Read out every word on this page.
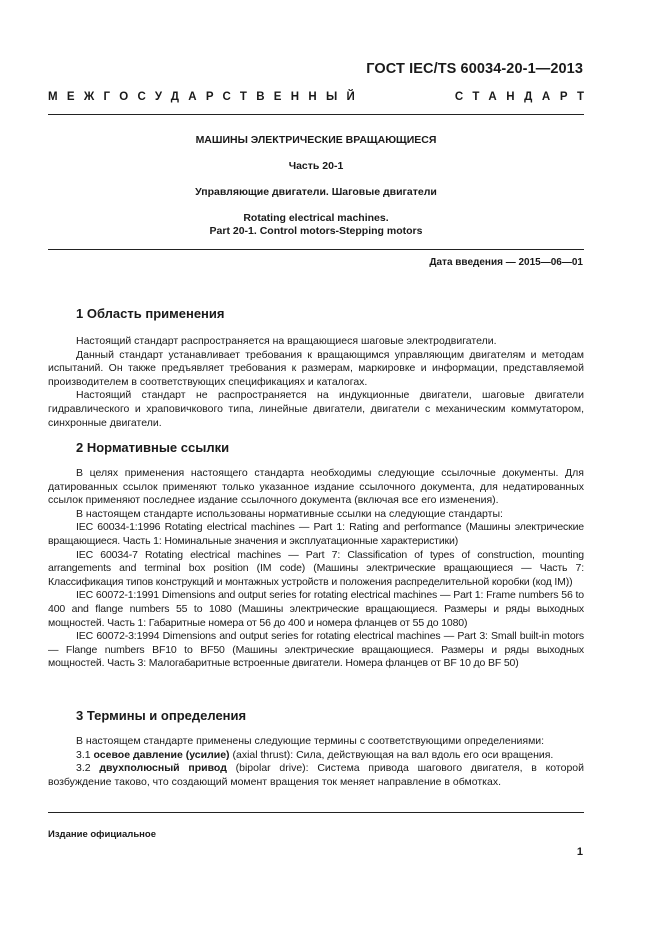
ГОСТ IEC/TS 60034-20-1—2013
МЕЖГОСУДАРСТВЕННЫЙ	СТАНДАРТ
МАШИНЫ ЭЛЕКТРИЧЕСКИЕ ВРАЩАЮЩИЕСЯ
Часть 20-1
Управляющие двигатели. Шаговые двигатели
Rotating electrical machines.
Part 20-1. Control motors-Stepping motors
Дата введения — 2015—06—01
1 Область применения

Настоящий стандарт распространяется на вращающиеся шаговые электродвигатели.

Данный стандарт устанавливает требования к вращающимся управляющим двигателям и методам испытаний. Он также предъявляет требования к размерам, маркировке и информации, представляемой производителем в соответствующих спецификациях и каталогах.

Настоящий стандарт не распространяется на индукционные двигатели, шаговые двигатели гидравлического и храповичкового типа, линейные двигатели, двигатели с механическим коммутатором, синхронные двигатели.

2 Нормативные ссылки

В целях применения настоящего стандарта необходимы следующие ссылочные документы. Для датированных ссылок применяют только указанное издание ссылочного документа, для недатированных ссылок применяют последнее издание ссылочного документа (включая все его изменения).

В настоящем стандарте использованы нормативные ссылки на следующие стандарты:

IEC 60034-1:1996 Rotating electrical machines — Part 1: Rating and performance (Машины электрические вращающиеся. Часть 1: Номинальные значения и эксплуатационные характеристики)

IEC 60034-7 Rotating electrical machines — Part 7: Classification of types of construction, mounting arrangements and terminal box position (IM code) (Машины электрические вращающиеся — Часть 7: Классификация типов конструкций и монтажных устройств и положения распределительной коробки (код IM))

IEC 60072-1:1991 Dimensions and output series for rotating electrical machines — Part 1: Frame numbers 56 to 400 and flange numbers 55 to 1080 (Машины электрические вращающиеся. Размеры и ряды выходных мощностей. Часть 1: Габаритные номера от 56 до 400 и номера фланцев от 55 до 1080)

IEC 60072-3:1994 Dimensions and output series for rotating electrical machines — Part 3: Small built-in motors — Flange numbers BF10 to BF50 (Машины электрические вращающиеся. Размеры и ряды выходных мощностей. Часть 3: Малогабаритные встроенные двигатели. Номера фланцев от BF 10 до BF 50)

3 Термины и определения

В настоящем стандарте применены следующие термины с соответствующими определениями:

3.1 осевое давление (усилие) (axial thrust): Сила, действующая на вал вдоль его оси вращения.

3.2 двухполюсный привод (bipolar drive): Система привода шагового двигателя, в которой возбуждение таково, что создающий момент вращения ток меняет направление в обмотках.

Издание официальное
1
